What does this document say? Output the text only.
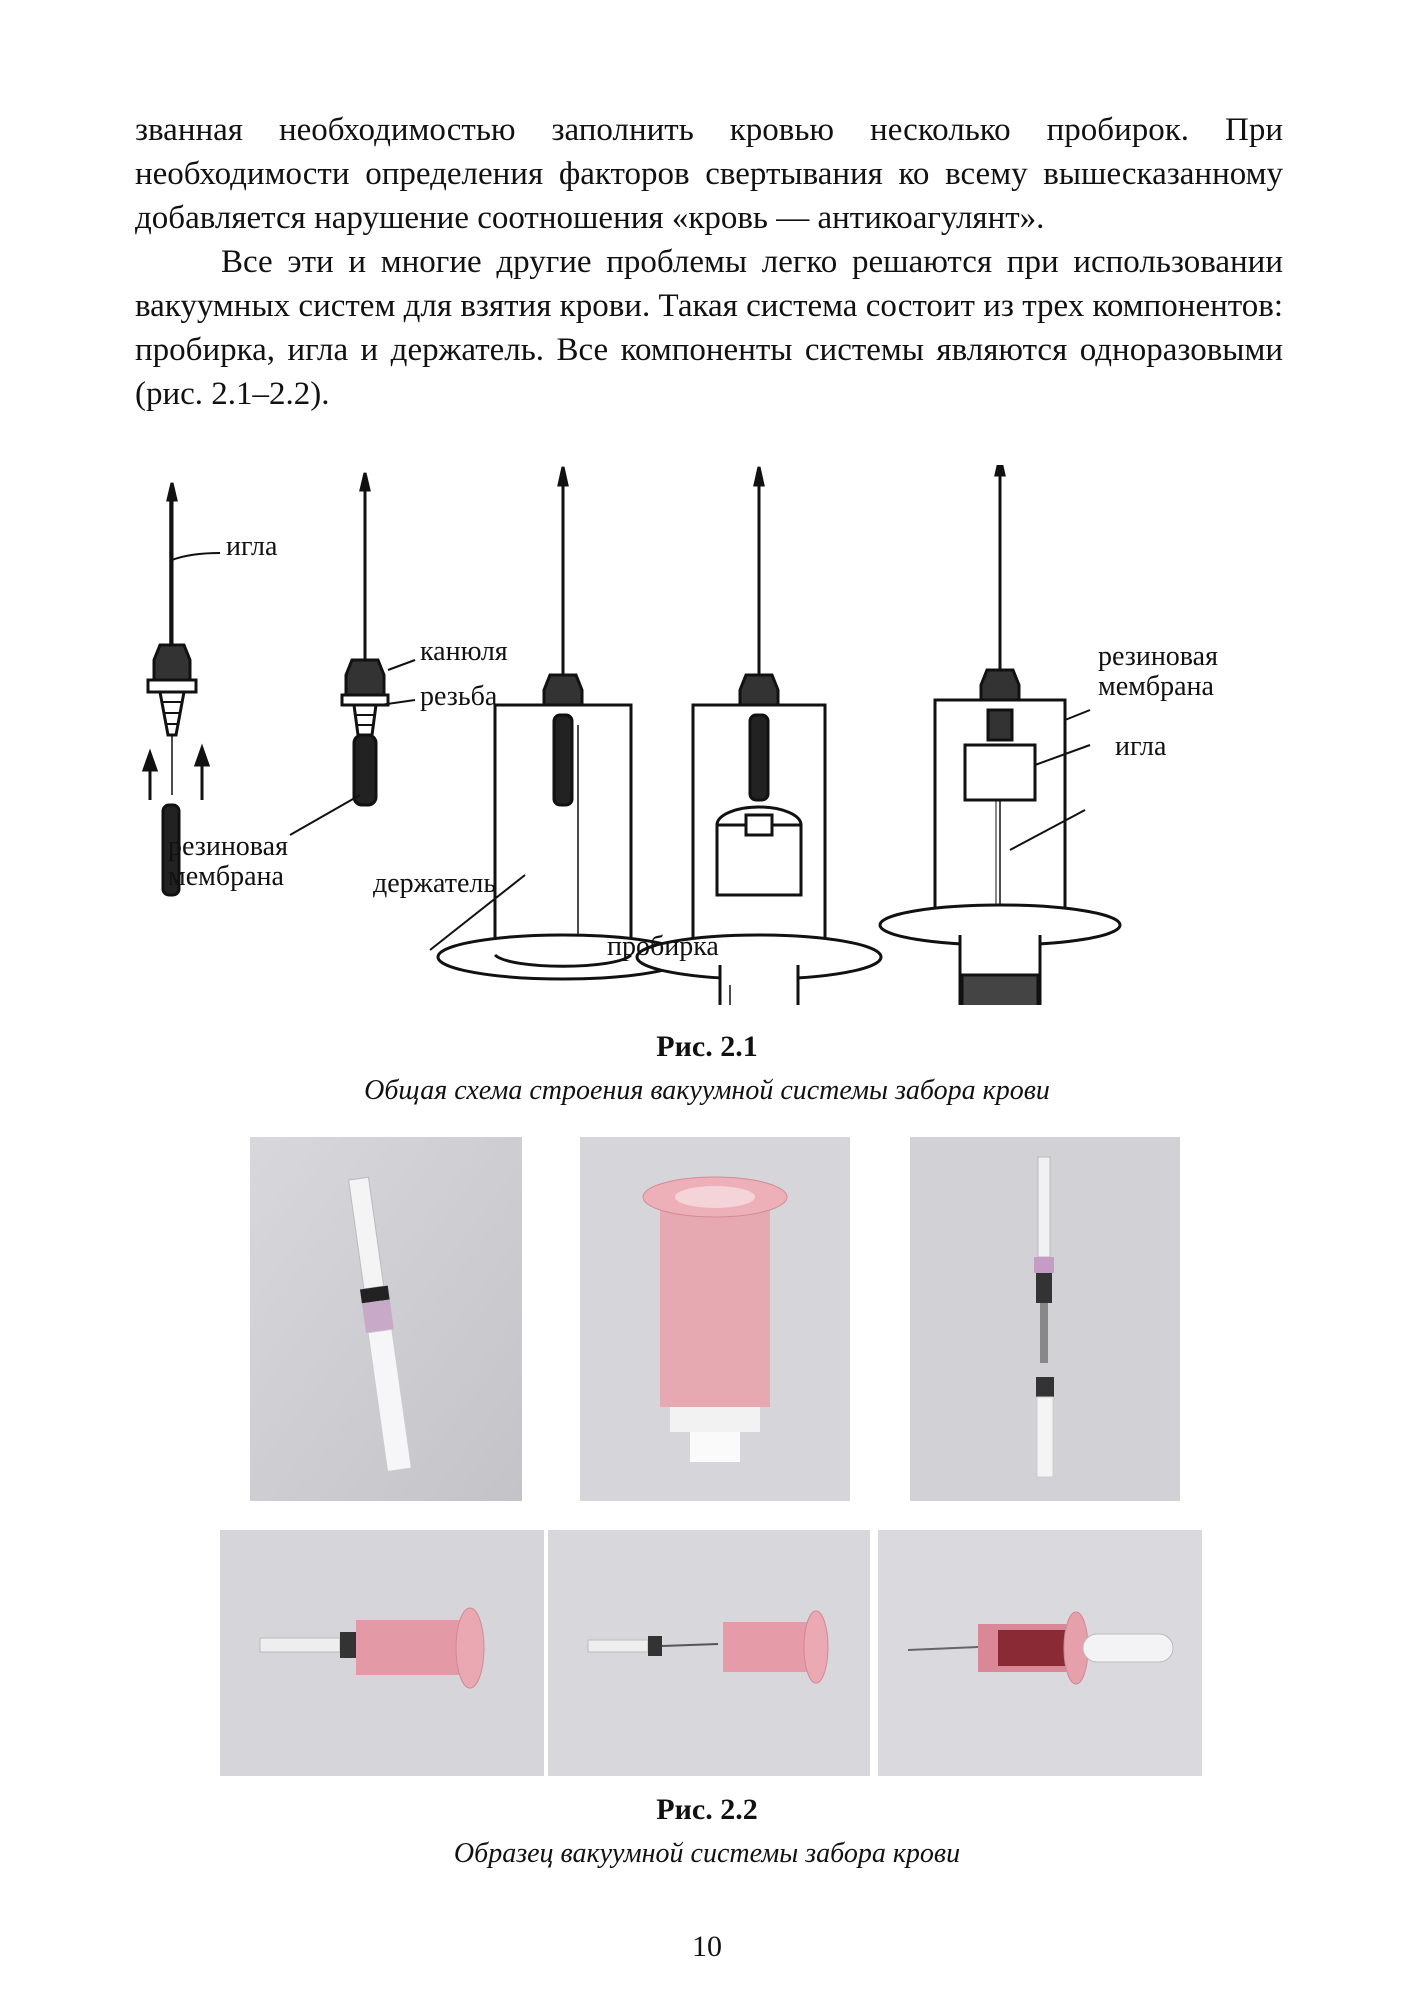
званная необходимостью заполнить кровью несколько пробирок. При необходимости определения факторов свертывания ко всему вышесказанному добавляется нарушение соотношения «кровь — антикоагулянт».

Все эти и многие другие проблемы легко решаются при использовании вакуумных систем для взятия крови. Такая система состоит из трех компонентов: пробирка, игла и держатель. Все компоненты системы являются одноразовыми (рис. 2.1–2.2).

игла
канюля
резьба
резиновая
мембрана	держатель
пробирка
резиновая
мембрана
игла
Рис. 2.1
Общая схема строения вакуумной системы забора крови
Рис. 2.2
Образец вакуумной системы забора крови
10
